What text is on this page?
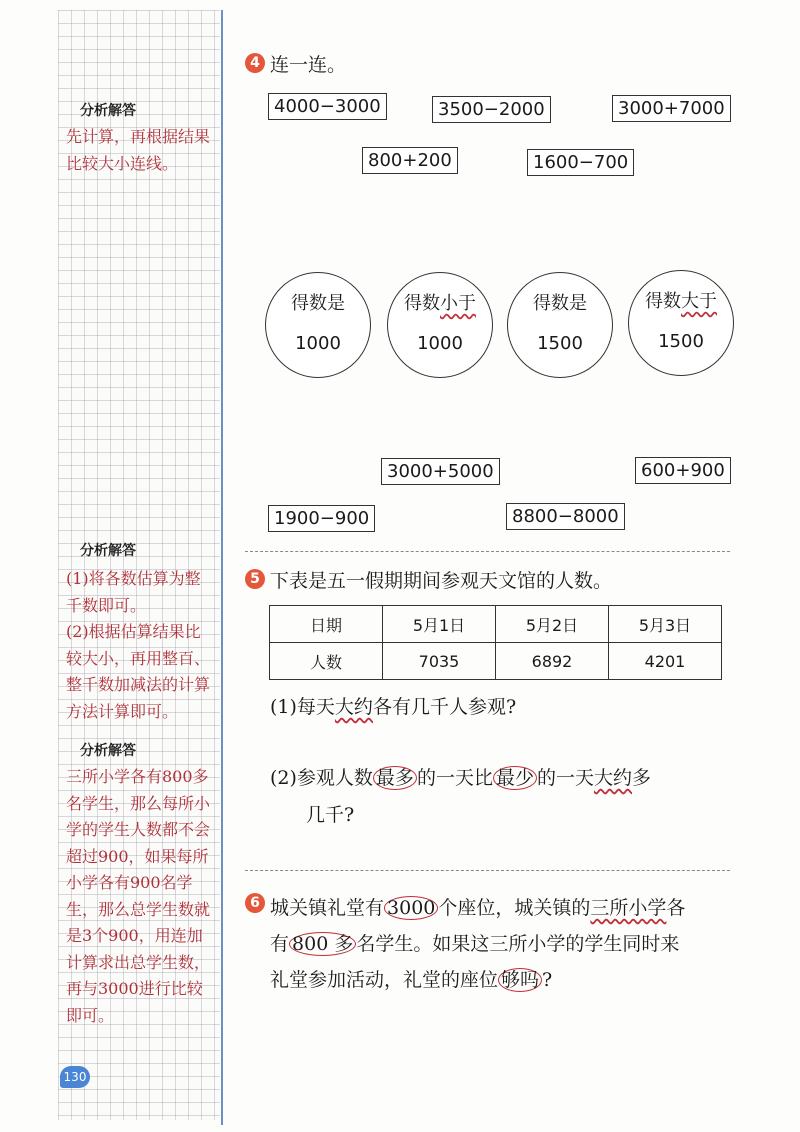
分析解答
先计算，再根据结果比较大小连线。
分析解答
(1)将各数估算为整千数即可。
(2)根据估算结果比较大小，再用整百、整千数加减法的计算方法计算即可。
分析解答
三所小学各有800多名学生，那么每所小学的学生人数都不会超过900，如果每所小学各有900名学生，那么总学生数就是3个900，用连加计算求出总学生数，再与3000进行比较即可。
130
4 连一连。
4000−3000	3500−2000	3000+7000
800+200	1600−700
得数是
1000
得数小于
1000
得数是
1500
得数大于
1500
3000+5000	600+900
1900−900	8800−8000
5 下表是五一假期期间参观天文馆的人数。
日期	5月1日	5月2日	5月3日
人数	7035	6892	4201
(1)每天大约各有几千人参观?
(2)参观人数 最多 的一天比 最少 的一天大约多
几千?
6 城关镇礼堂有 3000 个座位，城关镇的三所小学各
有 800 多 名学生。如果这三所小学的学生同时来
礼堂参加活动，礼堂的座位 够吗 ?
